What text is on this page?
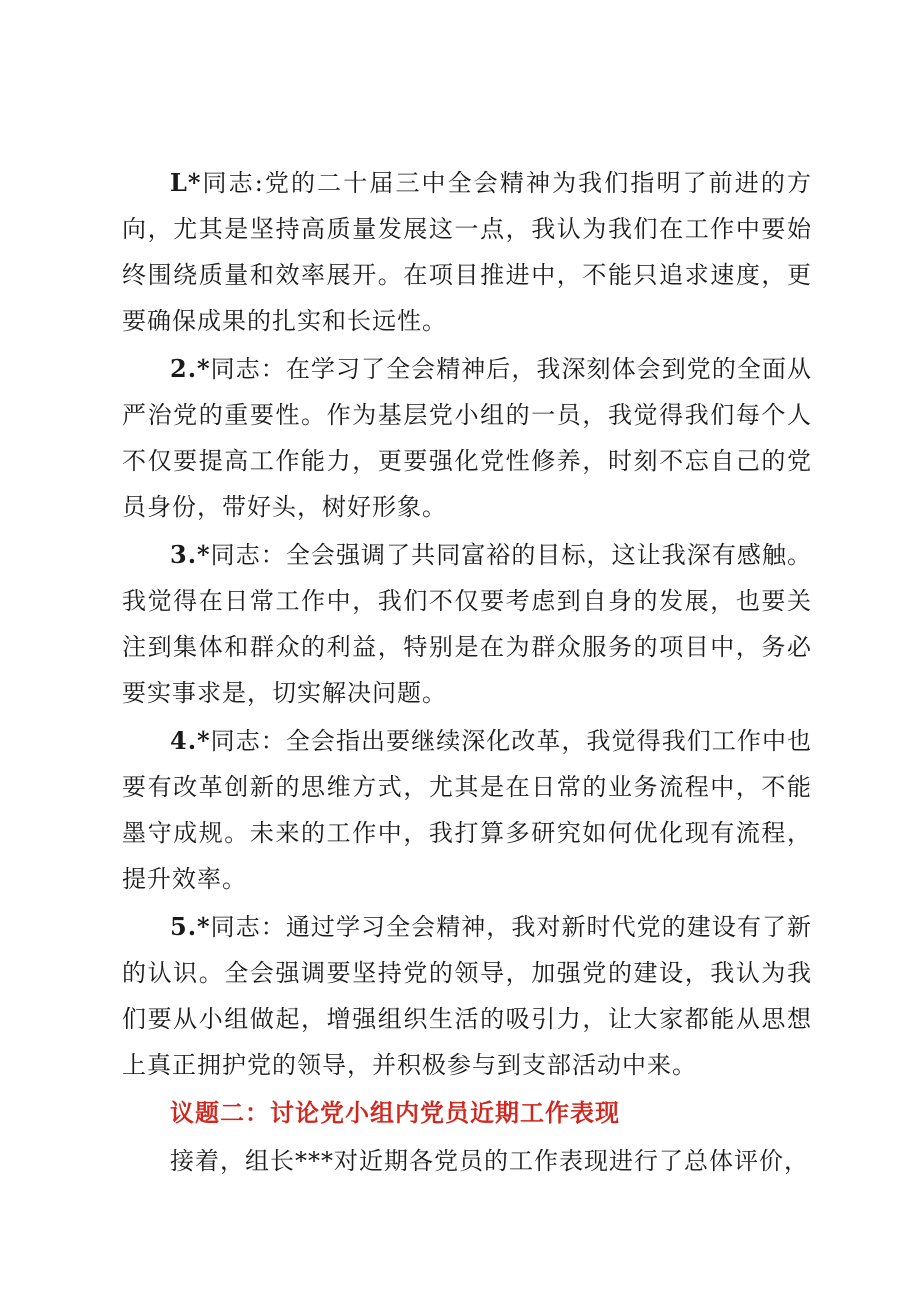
L*同志:党的二十届三中全会精神为我们指明了前进的方向，尤其是坚持高质量发展这一点，我认为我们在工作中要始终围绕质量和效率展开。在项目推进中，不能只追求速度，更要确保成果的扎实和长远性。

2.*同志：在学习了全会精神后，我深刻体会到党的全面从严治党的重要性。作为基层党小组的一员，我觉得我们每个人不仅要提高工作能力，更要强化党性修养，时刻不忘自己的党员身份，带好头，树好形象。

3.*同志：全会强调了共同富裕的目标，这让我深有感触。我觉得在日常工作中，我们不仅要考虑到自身的发展，也要关注到集体和群众的利益，特别是在为群众服务的项目中，务必要实事求是，切实解决问题。

4.*同志：全会指出要继续深化改革，我觉得我们工作中也要有改革创新的思维方式，尤其是在日常的业务流程中，不能墨守成规。未来的工作中，我打算多研究如何优化现有流程，提升效率。

5.*同志：通过学习全会精神，我对新时代党的建设有了新的认识。全会强调要坚持党的领导，加强党的建设，我认为我们要从小组做起，增强组织生活的吸引力，让大家都能从思想上真正拥护党的领导，并积极参与到支部活动中来。

议题二：讨论党小组内党员近期工作表现

接着，组长***对近期各党员的工作表现进行了总体评价，
